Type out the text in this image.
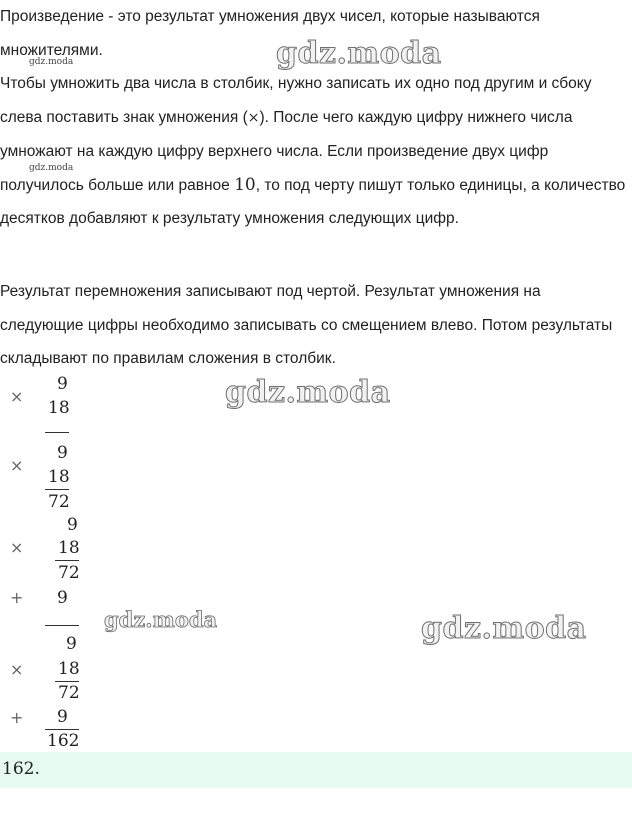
Произведение - это результат умножения двух чисел, которые называются множителями.

Чтобы умножить два числа в столбик, нужно записать их одно под другим и сбоку слева поставить знак умножения (×). После чего каждую цифру нижнего числа умножают на каждую цифру верхнего числа. Если произведение двух цифр получилось больше или равное 10, то под черту пишут только единицы, а количество десятков добавляют к результату умножения следующих цифр.

Результат перемножения записывают под чертой. Результат умножения на следующие цифры необходимо записывать со смещением влево. Потом результаты складывают по правилам сложения в столбик.

gdz.moda
gdz.moda
gdz.moda
gdz.moda
gdz.moda	gdz.moda
9
×
18
9
×
18
72
9
× 18
72
+ 9
9
× 18
72
+ 9
162
162.
